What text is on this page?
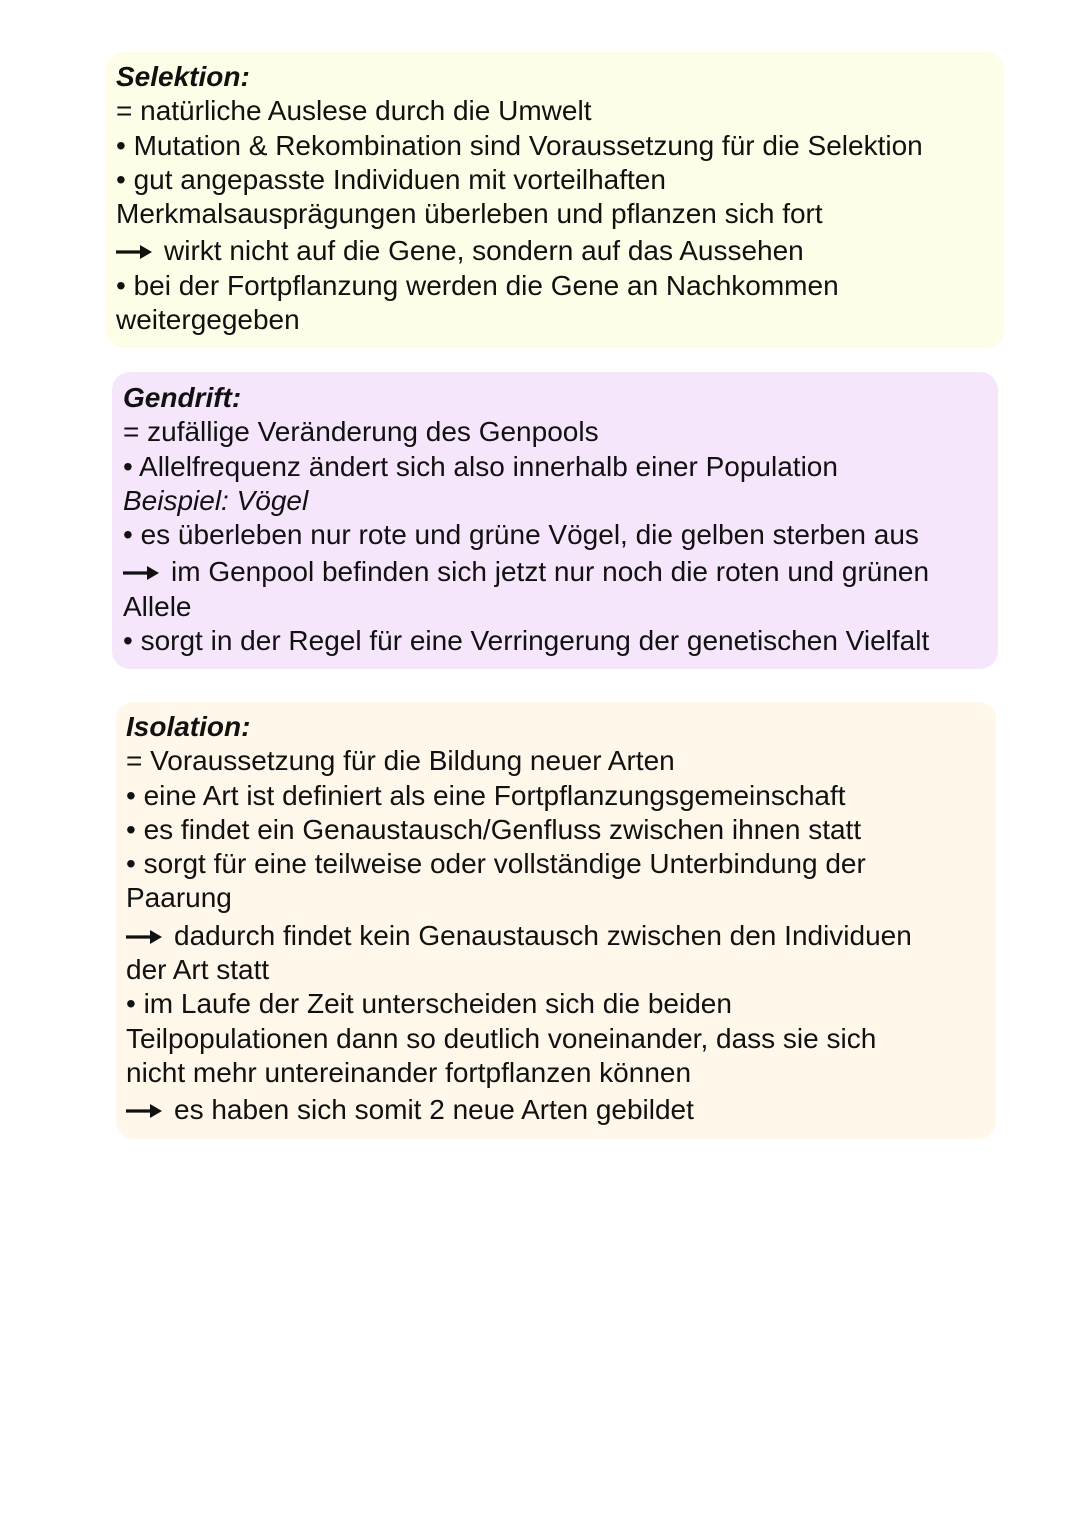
Selektion:
= natürliche Auslese durch die Umwelt
• Mutation & Rekombination sind Voraussetzung für die Selektion
• gut angepasste Individuen mit vorteilhaften
Merkmalsausprägungen überleben und pflanzen sich fort
wirkt nicht auf die Gene, sondern auf das Aussehen
• bei der Fortpflanzung werden die Gene an Nachkommen
weitergegeben
Gendrift:
= zufällige Veränderung des Genpools
• Allelfrequenz ändert sich also innerhalb einer Population
Beispiel: Vögel
• es überleben nur rote und grüne Vögel, die gelben sterben aus
im Genpool befinden sich jetzt nur noch die roten und grünen
Allele
• sorgt in der Regel für eine Verringerung der genetischen Vielfalt
Isolation:
= Voraussetzung für die Bildung neuer Arten
• eine Art ist definiert als eine Fortpflanzungsgemeinschaft
• es findet ein Genaustausch/Genfluss zwischen ihnen statt
• sorgt für eine teilweise oder vollständige Unterbindung der
Paarung
dadurch findet kein Genaustausch zwischen den Individuen
der Art statt
• im Laufe der Zeit unterscheiden sich die beiden
Teilpopulationen dann so deutlich voneinander, dass sie sich
nicht mehr untereinander fortpflanzen können
es haben sich somit 2 neue Arten gebildet
